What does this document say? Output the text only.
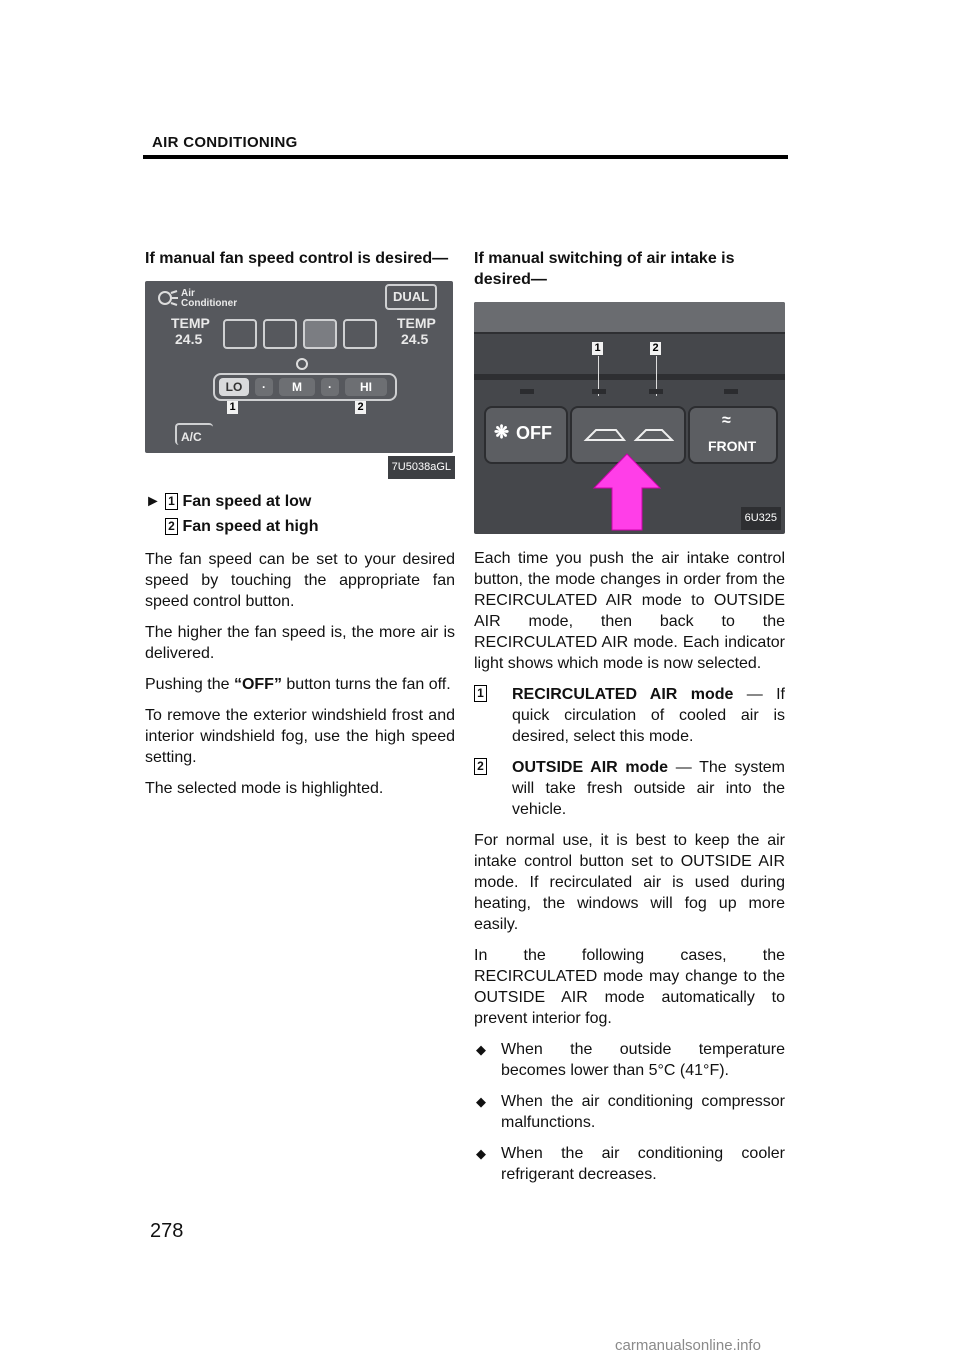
AIR CONDITIONING

If manual fan speed control is desired—

Air
Conditioner	DUAL
TEMP
24.5
TEMP
24.5
LO	·	M	·	HI
1	2
A/C
7U5038aGL
► 1 Fan speed at low
2 Fan speed at high

The fan speed can be set to your desired speed by touching the appropriate fan speed control button.

The higher the fan speed is, the more air is delivered.

Pushing the “OFF” button turns the fan off.

To remove the exterior windshield frost and interior windshield fog, use the high speed setting.

The selected mode is highlighted.

If manual switching of air intake is desired—

1	2
❋ OFF
≈
FRONT
6U325

Each time you push the air intake control button, the mode changes in order from the RECIRCULATED AIR mode to OUTSIDE AIR mode, then back to the RECIRCULATED AIR mode. Each indicator light shows which mode is now selected.

1 RECIRCULATED AIR mode — If quick circulation of cooled air is desired, select this mode.
2 OUTSIDE AIR mode — The system will take fresh outside air into the vehicle.

For normal use, it is best to keep the air intake control button set to OUTSIDE AIR mode. If recirculated air is used during heating, the windows will fog up more easily.

In the following cases, the RECIRCULATED mode may change to the OUTSIDE AIR mode automatically to prevent interior fog.

◆ When the outside temperature becomes lower than 5°C (41°F).
◆ When the air conditioning compressor malfunctions.
◆ When the air conditioning cooler refrigerant decreases.
278
carmanualsonline.info
